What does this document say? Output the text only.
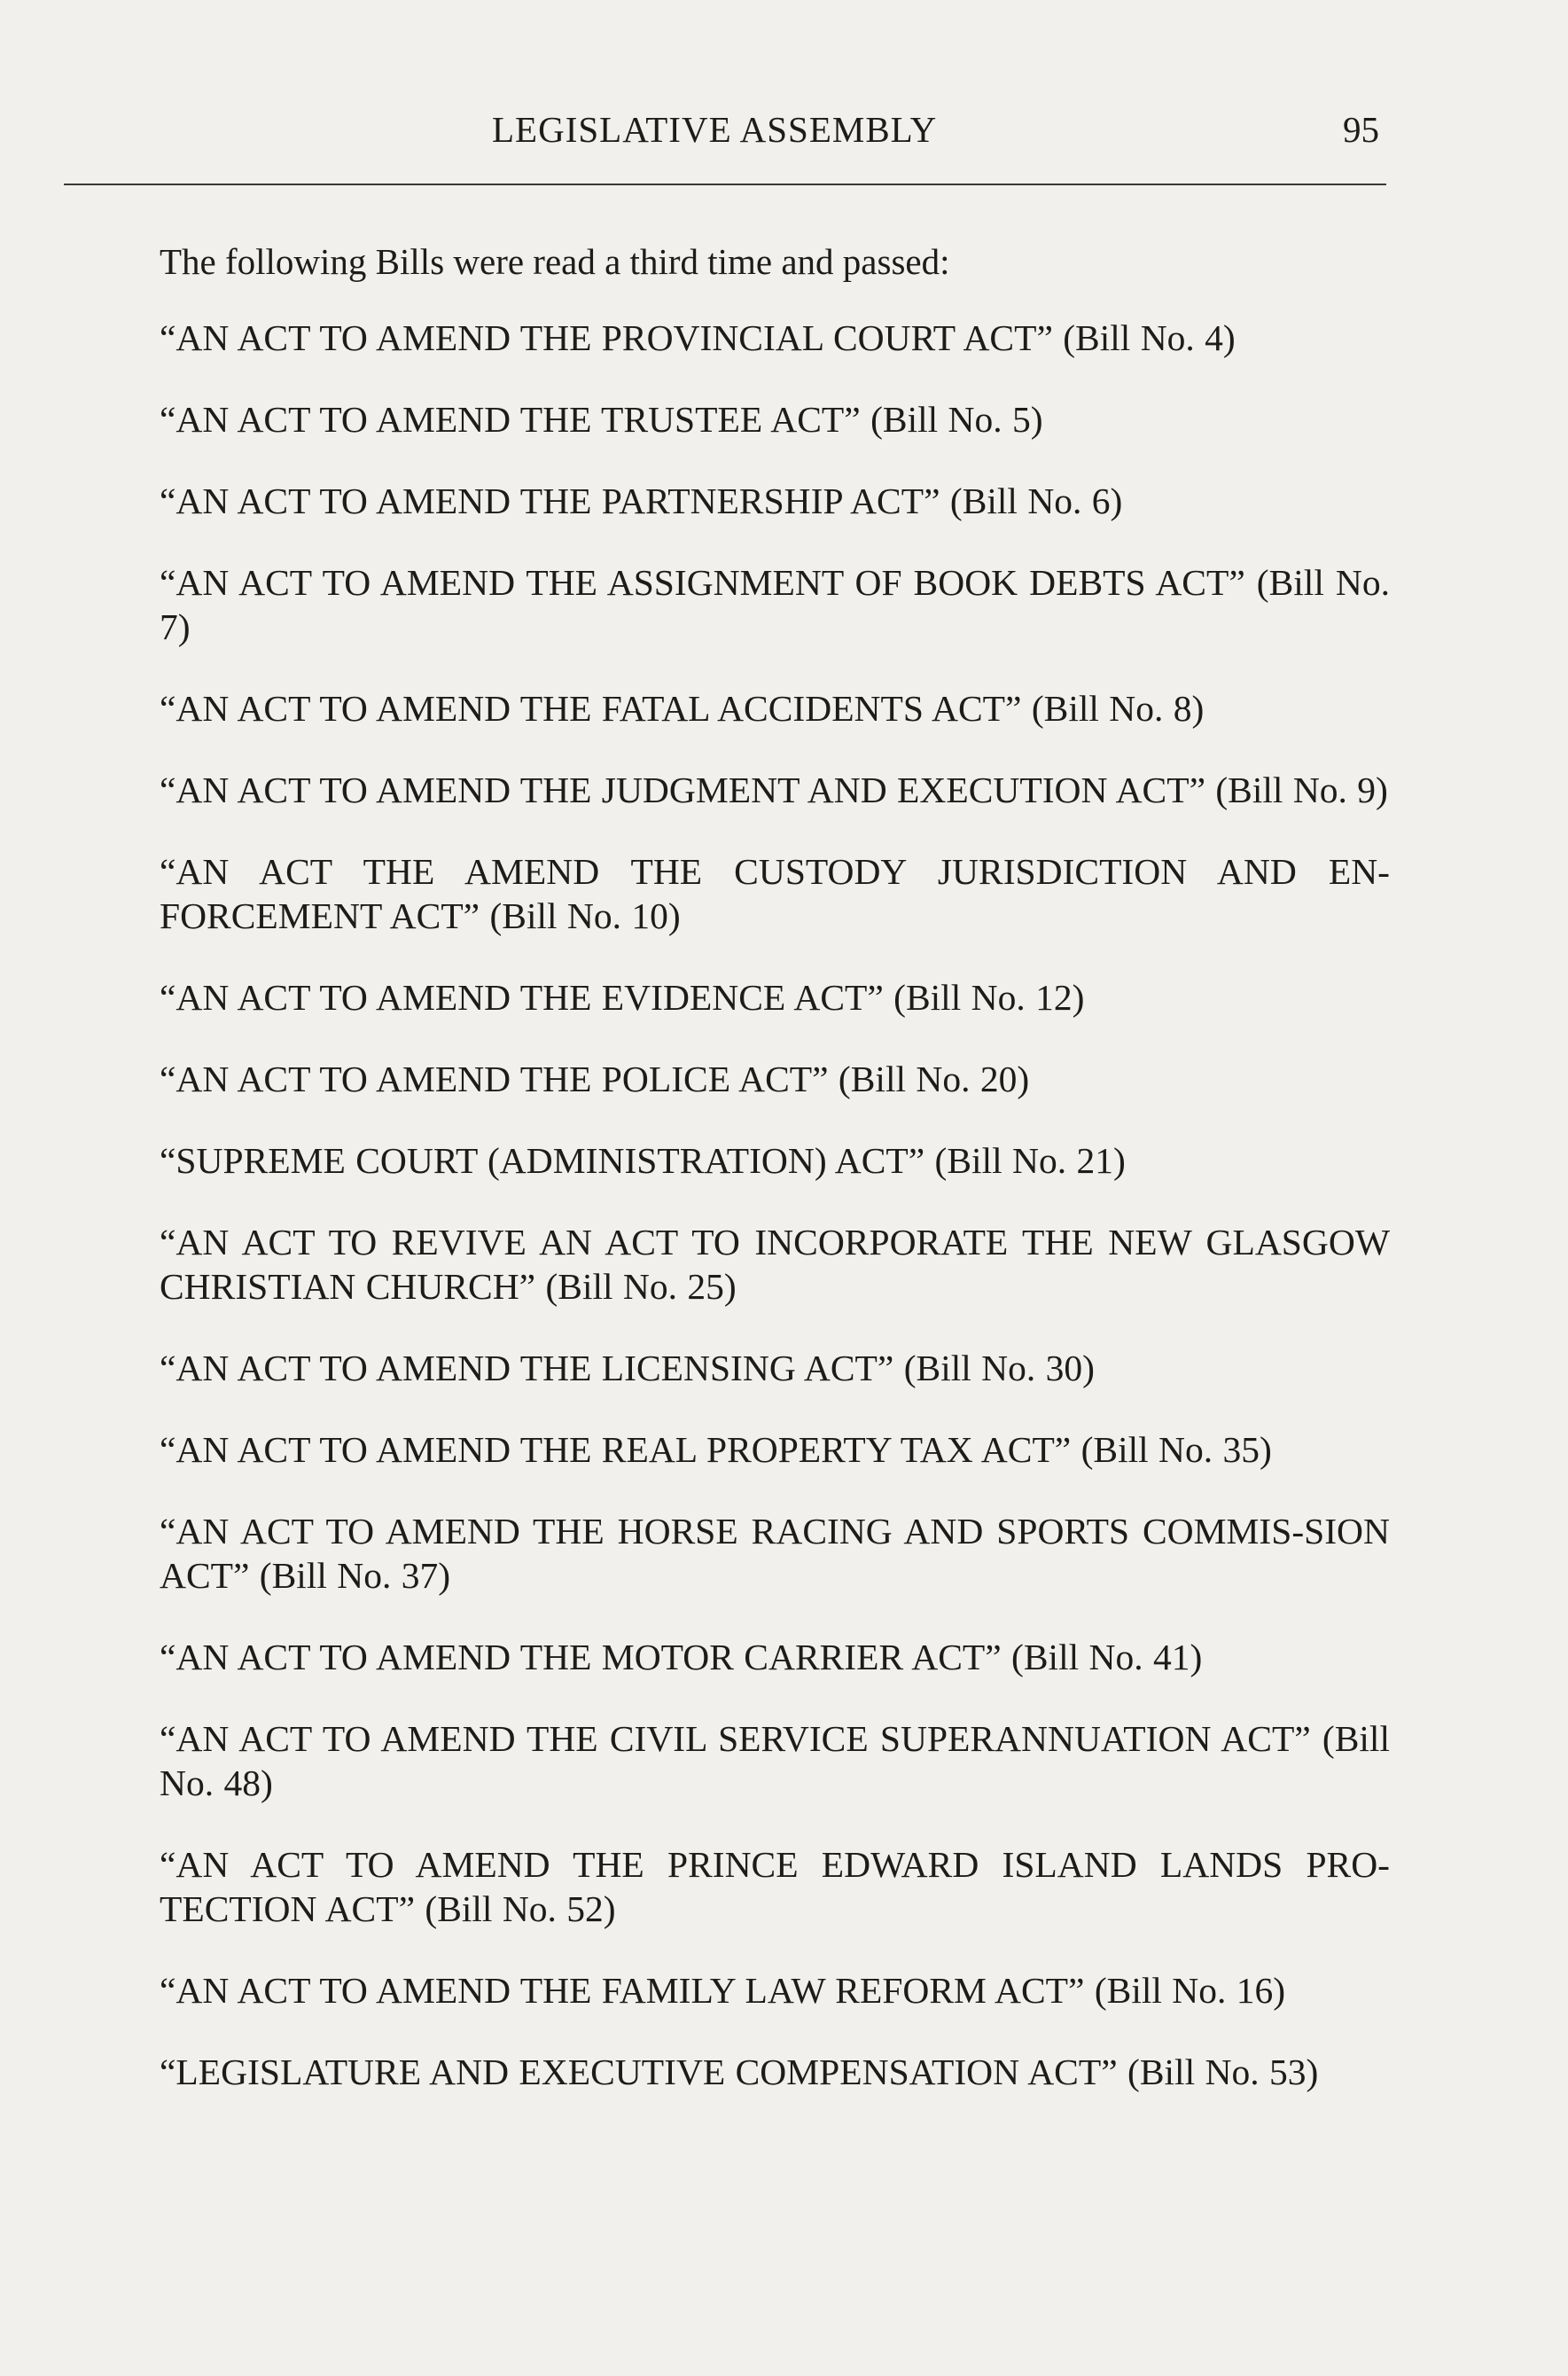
LEGISLATIVE ASSEMBLY	95

The following Bills were read a third time and passed:

“AN ACT TO AMEND THE PROVINCIAL COURT ACT” (Bill No. 4)
“AN ACT TO AMEND THE TRUSTEE ACT” (Bill No. 5)
“AN ACT TO AMEND THE PARTNERSHIP ACT” (Bill No. 6)
“AN ACT TO AMEND THE ASSIGNMENT OF BOOK DEBTS ACT” (Bill No. 7)
“AN ACT TO AMEND THE FATAL ACCIDENTS ACT” (Bill No. 8)
“AN ACT TO AMEND THE JUDGMENT AND EXECUTION ACT” (Bill No. 9)
“AN ACT THE AMEND THE CUSTODY JURISDICTION AND EN-FORCEMENT ACT” (Bill No. 10)
“AN ACT TO AMEND THE EVIDENCE ACT” (Bill No. 12)
“AN ACT TO AMEND THE POLICE ACT” (Bill No. 20)
“SUPREME COURT (ADMINISTRATION) ACT” (Bill No. 21)
“AN ACT TO REVIVE AN ACT TO INCORPORATE THE NEW GLASGOW CHRISTIAN CHURCH” (Bill No. 25)
“AN ACT TO AMEND THE LICENSING ACT” (Bill No. 30)
“AN ACT TO AMEND THE REAL PROPERTY TAX ACT” (Bill No. 35)
“AN ACT TO AMEND THE HORSE RACING AND SPORTS COMMIS-SION ACT” (Bill No. 37)
“AN ACT TO AMEND THE MOTOR CARRIER ACT” (Bill No. 41)
“AN ACT TO AMEND THE CIVIL SERVICE SUPERANNUATION ACT” (Bill No. 48)
“AN ACT TO AMEND THE PRINCE EDWARD ISLAND LANDS PRO-TECTION ACT” (Bill No. 52)
“AN ACT TO AMEND THE FAMILY LAW REFORM ACT” (Bill No. 16)
“LEGISLATURE AND EXECUTIVE COMPENSATION ACT” (Bill No. 53)
